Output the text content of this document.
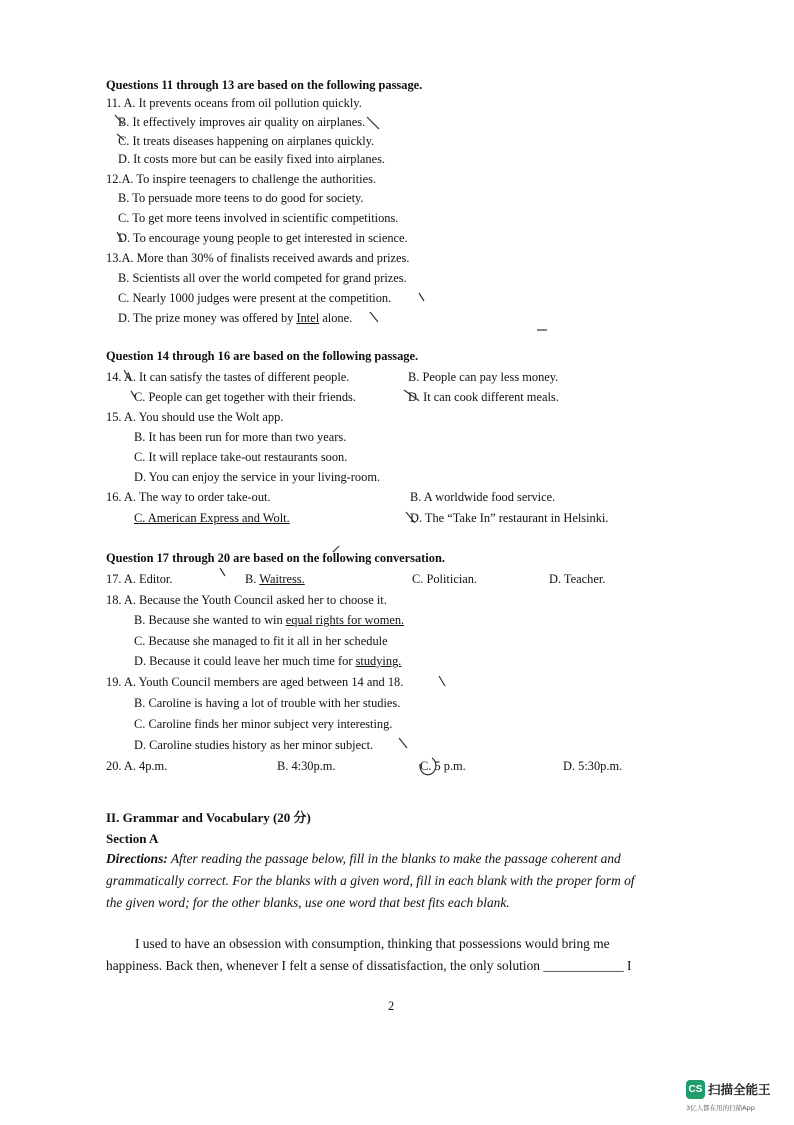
Questions 11 through 13 are based on the following passage.
11. A. It prevents oceans from oil pollution quickly.
B. It effectively improves air quality on airplanes.
C. It treats diseases happening on airplanes quickly.
D. It costs more but can be easily fixed into airplanes.
12.A. To inspire teenagers to challenge the authorities.
B. To persuade more teens to do good for society.
C. To get more teens involved in scientific competitions.
D. To encourage young people to get interested in science.
13.A. More than 30% of finalists received awards and prizes.
B. Scientists all over the world competed for grand prizes.
C. Nearly 1000 judges were present at the competition.
D. The prize money was offered by Intel alone.
Question 14 through 16 are based on the following passage.
14. A. It can satisfy the tastes of different people.	B. People can pay less money.
C. People can get together with their friends.	D. It can cook different meals.
15. A. You should use the Wolt app.
B. It has been run for more than two years.
C. It will replace take-out restaurants soon.
D. You can enjoy the service in your living-room.
16. A. The way to order take-out.	B. A worldwide food service.
C. American Express and Wolt.	D. The “Take In” restaurant in Helsinki.
Question 17 through 20 are based on the following conversation.
17. A. Editor.	B. Waitress.	C. Politician.	D. Teacher.
18. A. Because the Youth Council asked her to choose it.
B. Because she wanted to win equal rights for women.
C. Because she managed to fit it all in her schedule
D. Because it could leave her much time for studying.
19. A. Youth Council members are aged between 14 and 18.
B. Caroline is having a lot of trouble with her studies.
C. Caroline finds her minor subject very interesting.
D. Caroline studies history as her minor subject.
20. A. 4p.m.	B. 4:30p.m.	C. 5 p.m.	D. 5:30p.m.
II. Grammar and Vocabulary (20 分)
Section A
Directions: After reading the passage below, fill in the blanks to make the passage coherent and
grammatically correct. For the blanks with a given word, fill in each blank with the proper form of
the given word; for the other blanks, use one word that best fits each blank.
I used to have an obsession with consumption, thinking that possessions would bring me
happiness. Back then, whenever I felt a sense of dissatisfaction, the only solution ____________ I
2
CS 扫描全能王
3亿人都在用的扫描App
